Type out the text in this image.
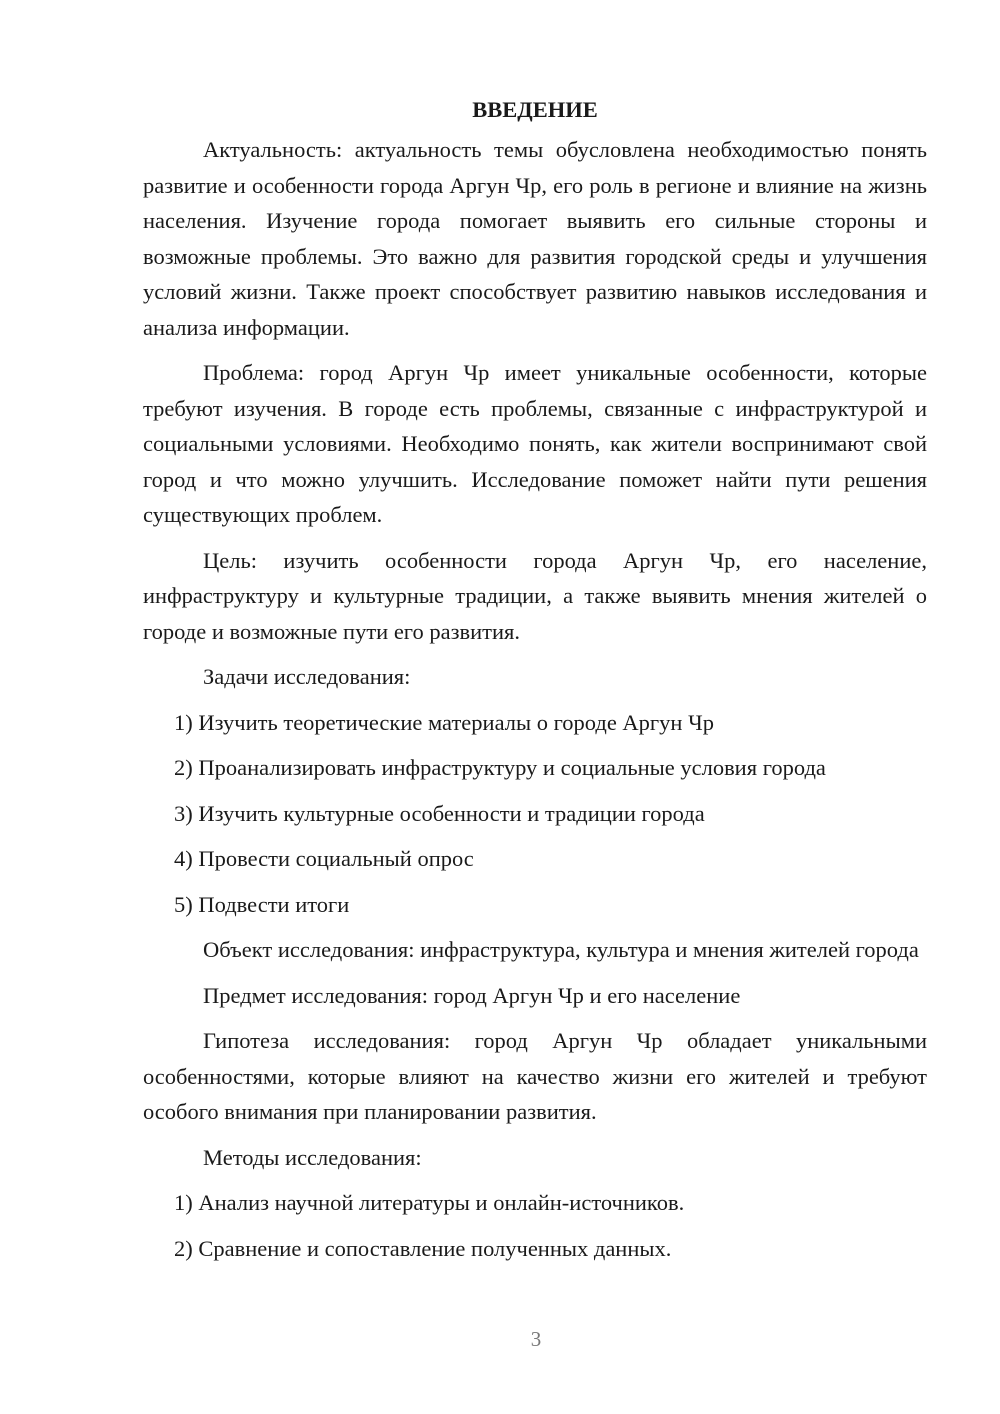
ВВЕДЕНИЕ

Актуальность: актуальность темы обусловлена необходимостью понять развитие и особенности города Аргун Чр, его роль в регионе и влияние на жизнь населения. Изучение города помогает выявить его сильные стороны и возможные проблемы. Это важно для развития городской среды и улучшения условий жизни. Также проект способствует развитию навыков исследования и анализа информации.

Проблема: город Аргун Чр имеет уникальные особенности, которые требуют изучения. В городе есть проблемы, связанные с инфраструктурой и социальными условиями. Необходимо понять, как жители воспринимают свой город и что можно улучшить. Исследование поможет найти пути решения существующих проблем.

Цель: изучить особенности города Аргун Чр, его население, инфраструктуру и культурные традиции, а также выявить мнения жителей о городе и возможные пути его развития.

Задачи исследования:

1) Изучить теоретические материалы о городе Аргун Чр

2) Проанализировать инфраструктуру и социальные условия города

3) Изучить культурные особенности и традиции города

4) Провести социальный опрос

5) Подвести итоги

Объект исследования: инфраструктура, культура и мнения жителей города

Предмет исследования: город Аргун Чр и его население

Гипотеза исследования: город Аргун Чр обладает уникальными особенностями, которые влияют на качество жизни его жителей и требуют особого внимания при планировании развития.

Методы исследования:

1) Анализ научной литературы и онлайн-источников.

2) Сравнение и сопоставление полученных данных.

3
